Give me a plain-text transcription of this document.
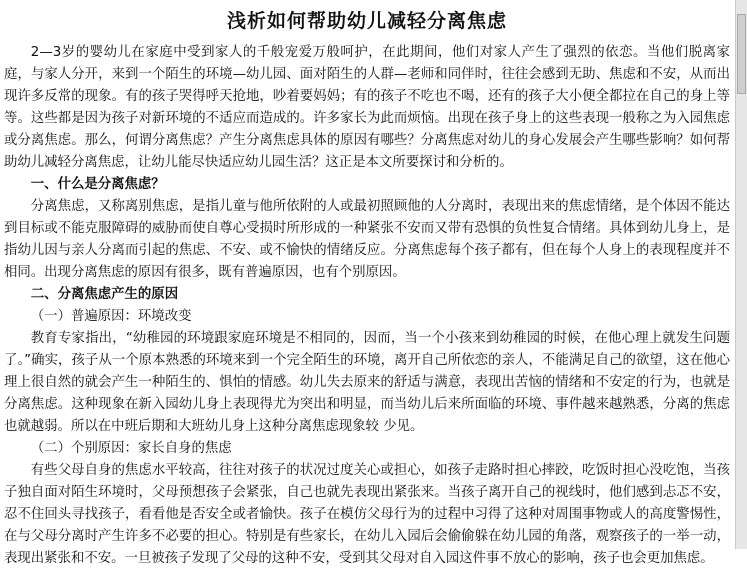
浅析如何帮助幼儿减轻分离焦虑

2—3岁的婴幼儿在家庭中受到家人的千般宠爱万般呵护，在此期间，他们对家人产生了强烈的依恋。当他们脱离家庭，与家人分开，来到一个陌生的环境—幼儿园、面对陌生的人群—老师和同伴时，往往会感到无助、焦虑和不安，从而出现许多反常的现象。有的孩子哭得呼天抢地，吵着要妈妈；有的孩子不吃也不喝，还有的孩子大小便全都拉在自己的身上等等。这些都是因为孩子对新环境的不适应而造成的。许多家长为此而烦恼。出现在孩子身上的这些表现一般称之为入园焦虑或分离焦虑。那么，何谓分离焦虑？产生分离焦虑具体的原因有哪些？分离焦虑对幼儿的身心发展会产生哪些影响？如何帮助幼儿减轻分离焦虑，让幼儿能尽快适应幼儿园生活？这正是本文所要探讨和分析的。

一、什么是分离焦虑？

分离焦虑，又称离别焦虑，是指儿童与他所依附的人或最初照顾他的人分离时，表现出来的焦虑情绪，是个体因不能达到目标或不能克服障碍的威胁而使自尊心受损时所形成的一种紧张不安而又带有恐惧的负性复合情绪。具体到幼儿身上，是指幼儿因与亲人分离而引起的焦虑、不安、或不愉快的情绪反应。分离焦虑每个孩子都有，但在每个人身上的表现程度并不相同。出现分离焦虑的原因有很多，既有普遍原因，也有个别原因。

二、分离焦虑产生的原因
（一）普遍原因：环境改变

教育专家指出，“幼稚园的环境跟家庭环境是不相同的，因而，当一个小孩来到幼稚园的时候，在他心理上就发生问题了。”确实，孩子从一个原本熟悉的环境来到一个完全陌生的环境，离开自己所依恋的亲人，不能满足自己的欲望，这在他心理上很自然的就会产生一种陌生的、惧怕的情感。幼儿失去原来的舒适与满意，表现出苦恼的情绪和不安定的行为，也就是分离焦虑。这种现象在新入园幼儿身上表现得尤为突出和明显，而当幼儿后来所面临的环境、事件越来越熟悉，分离的焦虑也就越弱。所以在中班后期和大班幼儿身上这种分离焦虑现象较 少见。

（二）个别原因：家长自身的焦虑

有些父母自身的焦虑水平较高，往往对孩子的状况过度关心或担心，如孩子走路时担心摔跤，吃饭时担心没吃饱，当孩子独自面对陌生环境时，父母预想孩子会紧张，自己也就先表现出紧张来。当孩子离开自己的视线时，他们感到忐忑不安，忍不住回头寻找孩子，看看他是否安全或者愉快。孩子在模仿父母行为的过程中习得了这种对周围事物或人的高度警惕性，在与父母分离时产生许多不必要的担心。特别是有些家长，在幼儿入园后会偷偷躲在幼儿园的角落，观察孩子的一举一动，表现出紧张和不安。一旦被孩子发现了父母的这种不安，受到其父母对自入园这件事不放心的影响，孩子也会更加焦虑。
